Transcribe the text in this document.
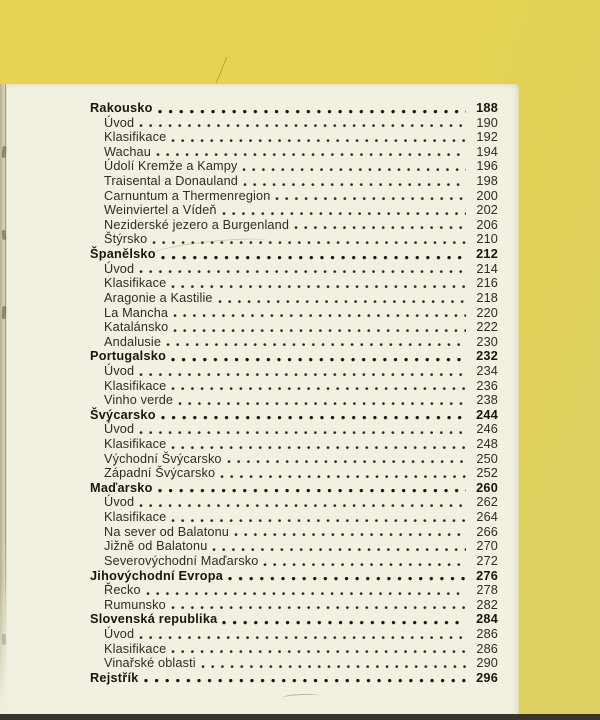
Rakousko	188
Úvod	190
Klasifikace	192
Wachau	194
Údolí Kremže a Kampy	196
Traisental a Donauland	198
Carnuntum a Thermenregion	200
Weinviertel a Vídeň	202
Neziderské jezero a Burgenland	206
Štýrsko	210
Španělsko	212
Úvod	214
Klasifikace	216
Aragonie a Kastilie	218
La Mancha	220
Katalánsko	222
Andalusie	230
Portugalsko	232
Úvod	234
Klasifikace	236
Vinho verde	238
Švýcarsko	244
Úvod	246
Klasifikace	248
Východní Švýcarsko	250
Západní Švýcarsko	252
Maďarsko	260
Úvod	262
Klasifikace	264
Na sever od Balatonu	266
Jižně od Balatonu	270
Severovýchodní Maďarsko	272
Jihovýchodní Evropa	276
Řecko	278
Rumunsko	282
Slovenská republika	284
Úvod	286
Klasifikace	286
Vinařské oblasti	290
Rejstřík	296
